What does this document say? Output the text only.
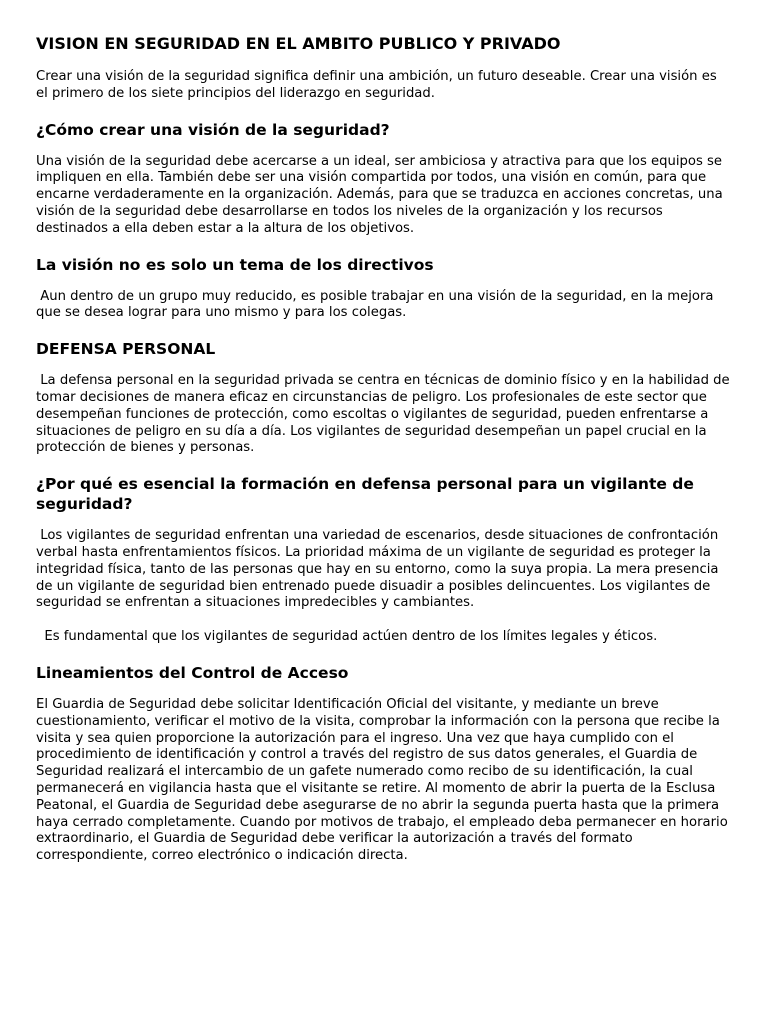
VISION EN SEGURIDAD EN EL AMBITO PUBLICO Y PRIVADO

Crear una visión de la seguridad significa definir una ambición, un futuro deseable. Crear una visión es el primero de los siete principios del liderazgo en seguridad.

¿Cómo crear una visión de la seguridad?

Una visión de la seguridad debe acercarse a un ideal, ser ambiciosa y atractiva para que los equipos se impliquen en ella. También debe ser una visión compartida por todos, una visión en común, para que encarne verdaderamente en la organización. Además, para que se traduzca en acciones concretas, una visión de la seguridad debe desarrollarse en todos los niveles de la organización y los recursos destinados a ella deben estar a la altura de los objetivos.

La visión no es solo un tema de los directivos

Aun dentro de un grupo muy reducido, es posible trabajar en una visión de la seguridad, en la mejora que se desea lograr para uno mismo y para los colegas.

DEFENSA PERSONAL

La defensa personal en la seguridad privada se centra en técnicas de dominio físico y en la habilidad de tomar decisiones de manera eficaz en circunstancias de peligro. Los profesionales de este sector que desempeñan funciones de protección, como escoltas o vigilantes de seguridad, pueden enfrentarse a situaciones de peligro en su día a día. Los vigilantes de seguridad desempeñan un papel crucial en la protección de bienes y personas.

¿Por qué es esencial la formación en defensa personal para un vigilante de seguridad?

Los vigilantes de seguridad enfrentan una variedad de escenarios, desde situaciones de confrontación verbal hasta enfrentamientos físicos. La prioridad máxima de un vigilante de seguridad es proteger la integridad física, tanto de las personas que hay en su entorno, como la suya propia. La mera presencia de un vigilante de seguridad bien entrenado puede disuadir a posibles delincuentes. Los vigilantes de seguridad se enfrentan a situaciones impredecibles y cambiantes.

Es fundamental que los vigilantes de seguridad actúen dentro de los límites legales y éticos.

Lineamientos del Control de Acceso

El Guardia de Seguridad debe solicitar Identificación Oficial del visitante, y mediante un breve cuestionamiento, verificar el motivo de la visita, comprobar la información con la persona que recibe la visita y sea quien proporcione la autorización para el ingreso. Una vez que haya cumplido con el procedimiento de identificación y control a través del registro de sus datos generales, el Guardia de Seguridad realizará el intercambio de un gafete numerado como recibo de su identificación, la cual permanecerá en vigilancia hasta que el visitante se retire. Al momento de abrir la puerta de la Esclusa Peatonal, el Guardia de Seguridad debe asegurarse de no abrir la segunda puerta hasta que la primera haya cerrado completamente. Cuando por motivos de trabajo, el empleado deba permanecer en horario extraordinario, el Guardia de Seguridad debe verificar la autorización a través del formato correspondiente, correo electrónico o indicación directa.
